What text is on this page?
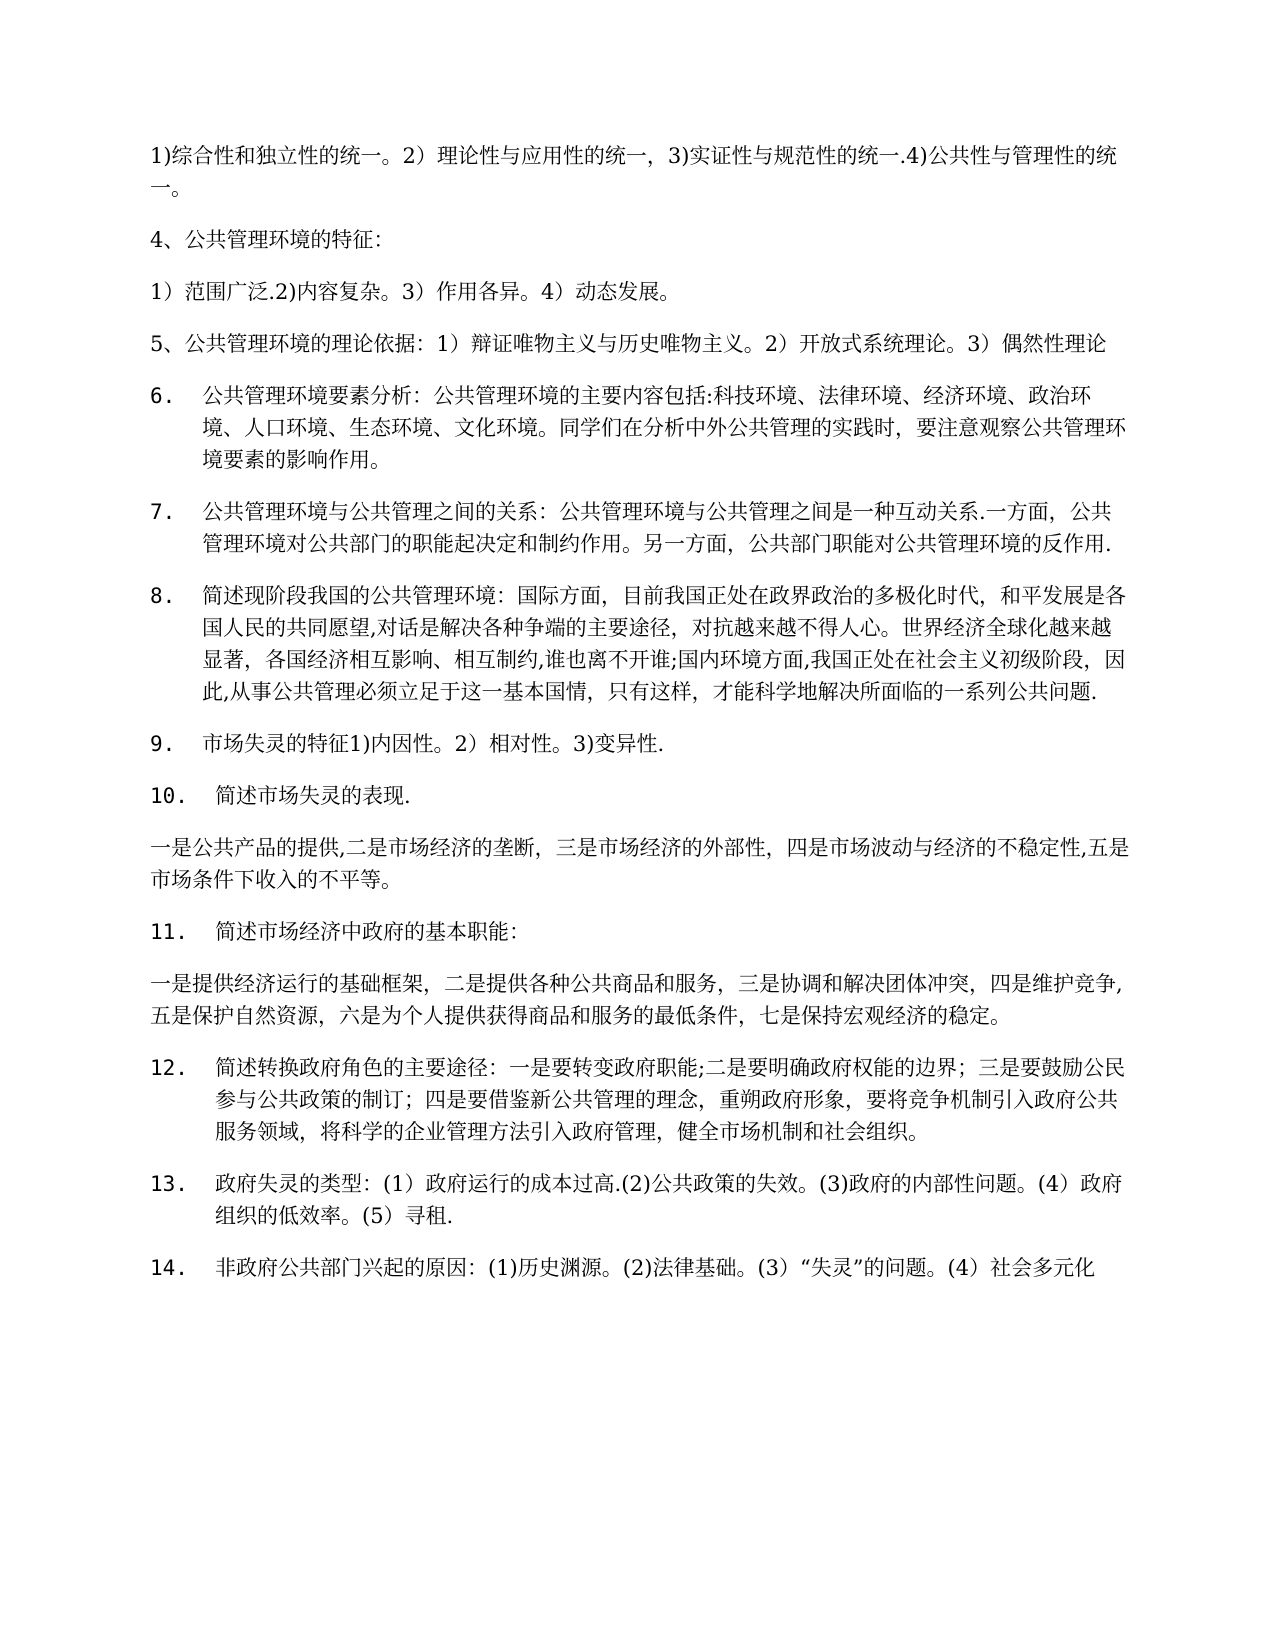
1)综合性和独立性的统一。2）理论性与应用性的统一，3)实证性与规范性的统一.4)公共性与管理性的统一。

4、公共管理环境的特征：

1）范围广泛.2)内容复杂。3）作用各异。4）动态发展。

5、公共管理环境的理论依据：1）辩证唯物主义与历史唯物主义。2）开放式系统理论。3）偶然性理论

6.	公共管理环境要素分析：公共管理环境的主要内容包括:科技环境、法律环境、经济环境、政治环境、人口环境、生态环境、文化环境。同学们在分析中外公共管理的实践时，要注意观察公共管理环境要素的影响作用。
7.	公共管理环境与公共管理之间的关系：公共管理环境与公共管理之间是一种互动关系.一方面，公共管理环境对公共部门的职能起决定和制约作用。另一方面，公共部门职能对公共管理环境的反作用.
8.	简述现阶段我国的公共管理环境：国际方面，目前我国正处在政界政治的多极化时代，和平发展是各国人民的共同愿望,对话是解决各种争端的主要途径，对抗越来越不得人心。世界经济全球化越来越显著，各国经济相互影响、相互制约,谁也离不开谁;国内环境方面,我国正处在社会主义初级阶段，因此,从事公共管理必须立足于这一基本国情，只有这样，才能科学地解决所面临的一系列公共问题.
9.	市场失灵的特征1)内因性。2）相对性。3)变异性.
10.	简述市场失灵的表现.

一是公共产品的提供,二是市场经济的垄断，三是市场经济的外部性，四是市场波动与经济的不稳定性,五是市场条件下收入的不平等。

11.	简述市场经济中政府的基本职能：

一是提供经济运行的基础框架，二是提供各种公共商品和服务，三是协调和解决团体冲突，四是维护竞争,五是保护自然资源，六是为个人提供获得商品和服务的最低条件，七是保持宏观经济的稳定。

12.	简述转换政府角色的主要途径：一是要转变政府职能;二是要明确政府权能的边界；三是要鼓励公民参与公共政策的制订；四是要借鉴新公共管理的理念，重朔政府形象，要将竞争机制引入政府公共服务领域，将科学的企业管理方法引入政府管理，健全市场机制和社会组织。
13.	政府失灵的类型：(1）政府运行的成本过高.(2)公共政策的失效。(3)政府的内部性问题。(4）政府组织的低效率。(5）寻租.
14.	非政府公共部门兴起的原因：(1)历史渊源。(2)法律基础。(3）“失灵”的问题。(4）社会多元化
